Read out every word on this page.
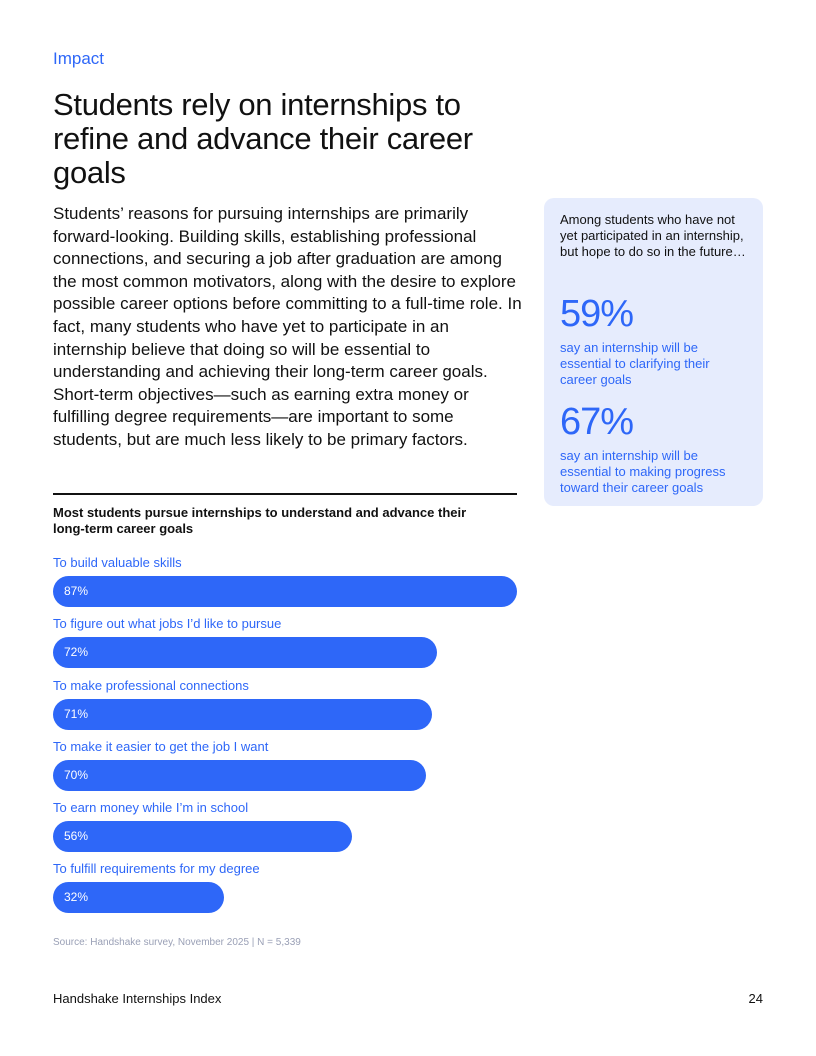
Impact
Students rely on internships to refine and advance their career goals

Students’ reasons for pursuing internships are primarily forward-looking. Building skills, establishing professional connections, and securing a job after graduation are among the most common motivators, along with the desire to explore possible career options before committing to a full-time role. In fact, many students who have yet to participate in an internship believe that doing so will be essential to understanding and achieving their long-term career goals. Short-term objectives—such as earning extra money or fulfilling degree requirements—are important to some students, but are much less likely to be primary factors.

Among students who have not yet participated in an internship, but hope to do so in the future…

59%
say an internship will be essential to clarifying their career goals
67%
say an internship will be essential to making progress toward their career goals

Most students pursue internships to understand and advance their long-term career goals

To build valuable skills
87%
To figure out what jobs I’d like to pursue
72%
To make professional connections
71%
To make it easier to get the job I want
70%
To earn money while I’m in school
56%
To fulfill requirements for my degree
32%
Source: Handshake survey, November 2025 | N = 5,339
Handshake Internships Index	24
